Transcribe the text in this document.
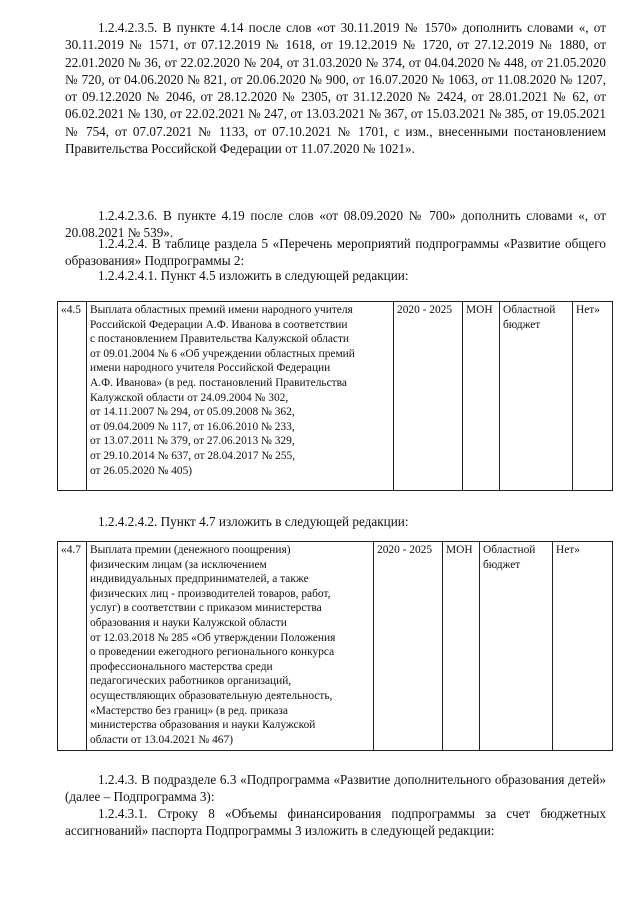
1.2.4.2.3.5. В пункте 4.14 после слов «от 30.11.2019 № 1570» дополнить словами «, от 30.11.2019 № 1571, от 07.12.2019 № 1618, от 19.12.2019 № 1720, от 27.12.2019 № 1880, от 22.01.2020 № 36, от 22.02.2020 № 204, от 31.03.2020 № 374, от 04.04.2020 № 448, от 21.05.2020 № 720, от 04.06.2020 № 821, от 20.06.2020 № 900, от 16.07.2020 № 1063, от 11.08.2020 № 1207, от 09.12.2020 № 2046, от 28.12.2020 № 2305, от 31.12.2020 № 2424, от 28.01.2021 № 62, от 06.02.2021 № 130, от 22.02.2021 № 247, от 13.03.2021 № 367, от 15.03.2021 № 385, от 19.05.2021 № 754, от 07.07.2021 № 1133, от 07.10.2021 № 1701, с изм., внесенными постановлением Правительства Российской Федерации от 11.07.2020 № 1021».
1.2.4.2.3.6. В пункте 4.19 после слов «от 08.09.2020 № 700» дополнить словами «, от 20.08.2021 № 539».
1.2.4.2.4. В таблице раздела 5 «Перечень мероприятий подпрограммы «Развитие общего образования» Подпрограммы 2:
1.2.4.2.4.1. Пункт 4.5 изложить в следующей редакции:
«4.5	Выплата областных премий имени народного учителя
Российской Федерации А.Ф. Иванова в соответствии
с постановлением Правительства Калужской области
от 09.01.2004 № 6 «Об учреждении областных премий
имени народного учителя Российской Федерации
А.Ф. Иванова» (в ред. постановлений Правительства
Калужской области от 24.09.2004 № 302,
от 14.11.2007 № 294, от 05.09.2008 № 362,
от 09.04.2009 № 117, от 16.06.2010 № 233,
от 13.07.2011 № 379, от 27.06.2013 № 329,
от 29.10.2014 № 637, от 28.04.2017 № 255,
от 26.05.2020 № 405)
	2020 - 2025	МОН	Областной бюджет	Нет»
1.2.4.2.4.2. Пункт 4.7 изложить в следующей редакции:
«4.7	Выплата премии (денежного поощрения)
физическим лицам (за исключением
индивидуальных предпринимателей, а также
физических лиц - производителей товаров, работ,
услуг) в соответствии с приказом министерства
образования и науки Калужской области
от 12.03.2018 № 285 «Об утверждении Положения
о проведении ежегодного регионального конкурса
профессионального мастерства среди
педагогических работников организаций,
осуществляющих образовательную деятельность,
«Мастерство без границ» (в ред. приказа
министерства образования и науки Калужской
области от 13.04.2021 № 467)
	2020 - 2025	МОН	Областной бюджет	Нет»
1.2.4.3. В подразделе 6.3 «Подпрограмма «Развитие дополнительного образования детей» (далее – Подпрограмма 3):
1.2.4.3.1. Строку 8 «Объемы финансирования подпрограммы за счет бюджетных ассигнований» паспорта Подпрограммы 3 изложить в следующей редакции:
